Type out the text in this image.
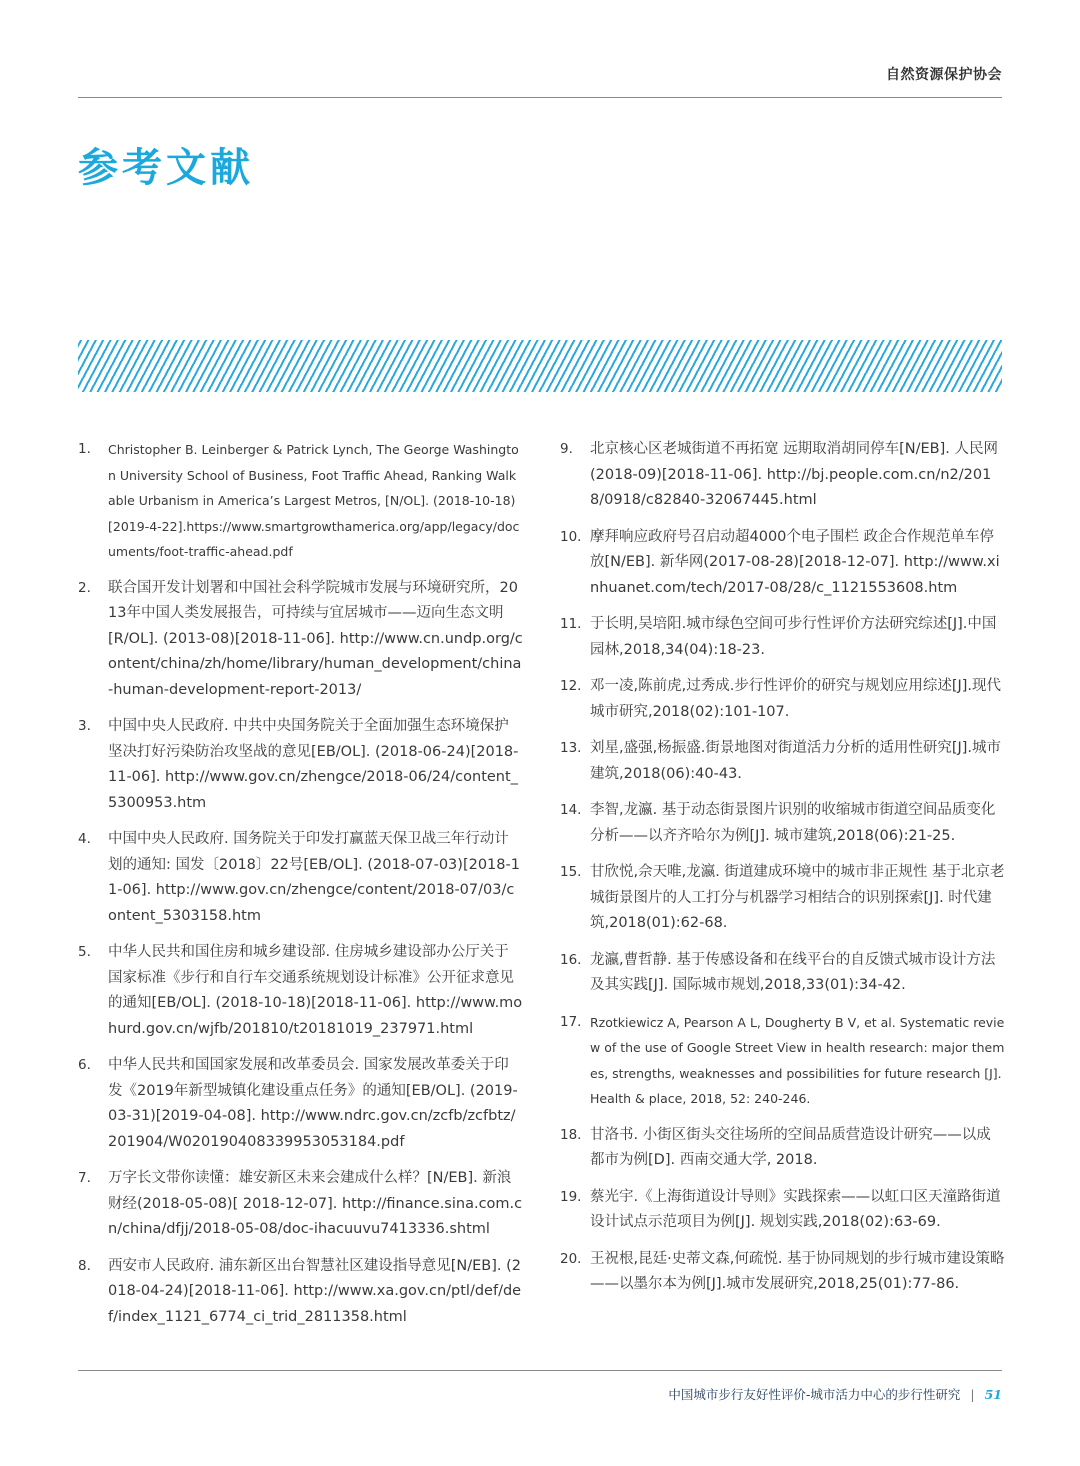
自然资源保护协会
参考文献
1.	Christopher B. Leinberger & Patrick Lynch, The George Washington University School of Business, Foot Traffic Ahead, Ranking Walkable Urbanism in America’s Largest Metros, [N/OL]. (2018-10-18)[2019-4-22].https://www.smartgrowthamerica.org/app/legacy/documents/foot-traffic-ahead.pdf
2.	联合国开发计划署和中国社会科学院城市发展与环境研究所，2013年中国人类发展报告，可持续与宜居城市——迈向生态文明[R/OL]. (2013-08)[2018-11-06]. http://www.cn.undp.org/content/china/zh/home/library/human_development/china-human-development-report-2013/
3.	中国中央人民政府. 中共中央国务院关于全面加强生态环境保护 坚决打好污染防治攻坚战的意见[EB/OL]. (2018-06-24)[2018-11-06]. http://www.gov.cn/zhengce/2018-06/24/content_5300953.htm
4.	中国中央人民政府. 国务院关于印发打赢蓝天保卫战三年行动计划的通知: 国发〔2018〕22号[EB/OL]. (2018-07-03)[2018-11-06]. http://www.gov.cn/zhengce/content/2018-07/03/content_5303158.htm
5.	中华人民共和国住房和城乡建设部. 住房城乡建设部办公厅关于国家标准《步行和自行车交通系统规划设计标准》公开征求意见的通知[EB/OL]. (2018-10-18)[2018-11-06]. http://www.mohurd.gov.cn/wjfb/201810/t20181019_237971.html
6.	中华人民共和国国家发展和改革委员会. 国家发展改革委关于印发《2019年新型城镇化建设重点任务》的通知[EB/OL]. (2019-03-31)[2019-04-08]. http://www.ndrc.gov.cn/zcfb/zcfbtz/201904/W020190408339953053184.pdf
7.	万字长文带你读懂：雄安新区未来会建成什么样？[N/EB]. 新浪财经(2018-05-08)[ 2018-12-07]. http://finance.sina.com.cn/china/dfjj/2018-05-08/doc-ihacuuvu7413336.shtml
8.	西安市人民政府. 浦东新区出台智慧社区建设指导意见[N/EB]. (2018-04-24)[2018-11-06]. http://www.xa.gov.cn/ptl/def/def/index_1121_6774_ci_trid_2811358.html
9.	北京核心区老城街道不再拓宽 远期取消胡同停车[N/EB]. 人民网(2018-09)[2018-11-06]. http://bj.people.com.cn/n2/2018/0918/c82840-32067445.html
10. 摩拜响应政府号召启动超4000个电子围栏 政企合作规范单车停放[N/EB]. 新华网(2017-08-28)[2018-12-07]. http://www.xinhuanet.com/tech/2017-08/28/c_1121553608.htm
11. 于长明,吴培阳.城市绿色空间可步行性评价方法研究综述[J].中国园林,2018,34(04):18-23.
12. 邓一凌,陈前虎,过秀成.步行性评价的研究与规划应用综述[J].现代城市研究,2018(02):101-107.
13. 刘星,盛强,杨振盛.街景地图对街道活力分析的适用性研究[J].城市建筑,2018(06):40-43.
14. 李智,龙瀛. 基于动态街景图片识别的收缩城市街道空间品质变化分析——以齐齐哈尔为例[J]. 城市建筑,2018(06):21-25.
15. 甘欣悦,佘天唯,龙瀛. 街道建成环境中的城市非正规性 基于北京老城街景图片的人工打分与机器学习相结合的识别探索[J]. 时代建筑,2018(01):62-68.
16. 龙瀛,曹哲静. 基于传感设备和在线平台的自反馈式城市设计方法及其实践[J]. 国际城市规划,2018,33(01):34-42.
17. Rzotkiewicz A, Pearson A L, Dougherty B V, et al. Systematic review of the use of Google Street View in health research: major themes, strengths, weaknesses and possibilities for future research [J]. Health & place, 2018, 52: 240-246.
18. 甘洛书. 小街区街头交往场所的空间品质营造设计研究——以成都市为例[D]. 西南交通大学, 2018.
19. 蔡光宇.《上海街道设计导则》实践探索——以虹口区天潼路街道设计试点示范项目为例[J]. 规划实践,2018(02):63-69.
20. 王祝根,昆廷·史蒂文森,何疏悦. 基于协同规划的步行城市建设策略——以墨尔本为例[J].城市发展研究,2018,25(01):77-86.
中国城市步行友好性评价-城市活力中心的步行性研究 | 51
